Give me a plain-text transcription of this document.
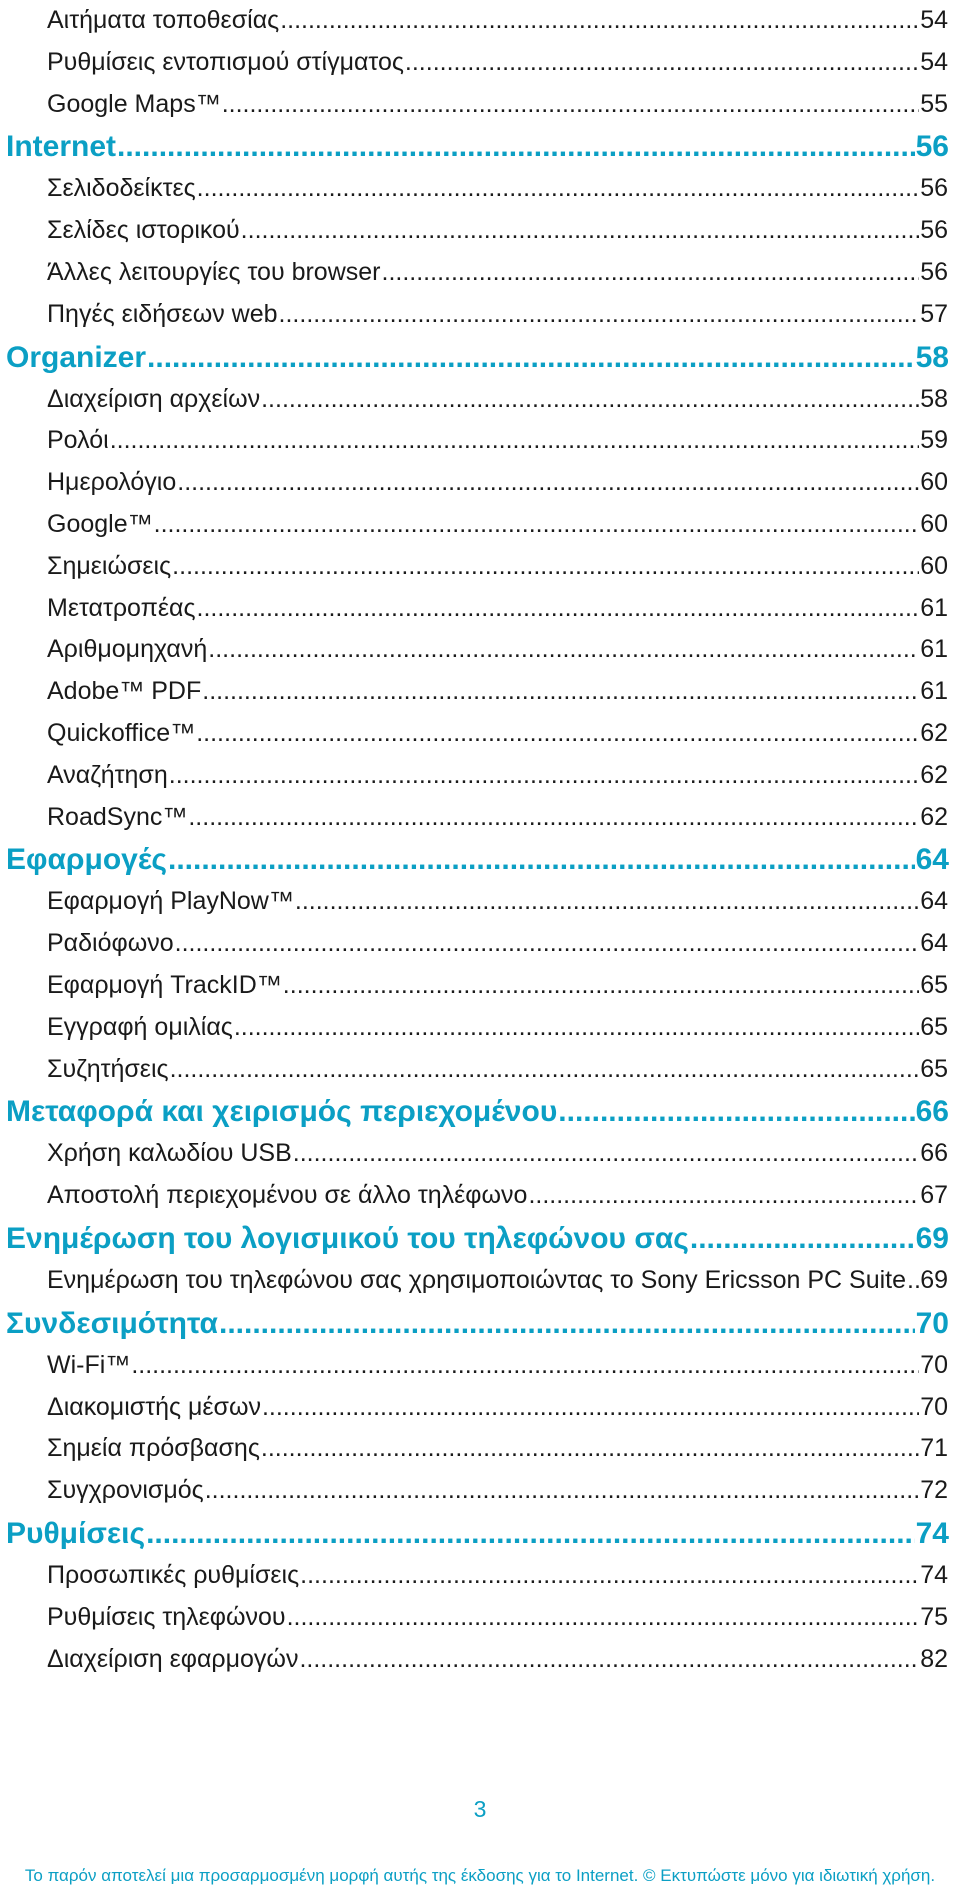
Αιτήματα τοποθεσίας .....	54
Ρυθμίσεις εντοπισμού στίγματος .....	54
Google Maps™ .....	55
Internet .....	56
Σελιδοδείκτες .....	56
Σελίδες ιστορικού .....	56
Άλλες λειτουργίες του browser .....	56
Πηγές ειδήσεων web .....	57
Organizer .....	58
Διαχείριση αρχείων .....	58
Ρολόι .....	59
Ημερολόγιο .....	60
Google™ .....	60
Σημειώσεις .....	60
Μετατροπέας .....	61
Αριθμομηχανή .....	61
Adobe™ PDF .....	61
Quickoffice™ .....	62
Αναζήτηση .....	62
RoadSync™ .....	62
Εφαρμογές .....	64
Εφαρμογή PlayNow™ .....	64
Ραδιόφωνο .....	64
Εφαρμογή TrackID™ .....	65
Εγγραφή ομιλίας .....	65
Συζητήσεις .....	65
Μεταφορά και χειρισμός περιεχομένου .....	66
Χρήση καλωδίου USB .....	66
Αποστολή περιεχομένου σε άλλο τηλέφωνο .....	67
Ενημέρωση του λογισμικού του τηλεφώνου σας .....	69
Ενημέρωση του τηλεφώνου σας χρησιμοποιώντας το Sony Ericsson PC Suite ..... 69
Συνδεσιμότητα .....	70
Wi-Fi™ .....	70
Διακομιστής μέσων .....	70
Σημεία πρόσβασης .....	71
Συγχρονισμός .....	72
Ρυθμίσεις .....	74
Προσωπικές ρυθμίσεις .....	74
Ρυθμίσεις τηλεφώνου .....	75
Διαχείριση εφαρμογών .....	82
3
Το παρόν αποτελεί μια προσαρμοσμένη μορφή αυτής της έκδοσης για το Internet. © Εκτυπώστε μόνο για ιδιωτική χρήση.
